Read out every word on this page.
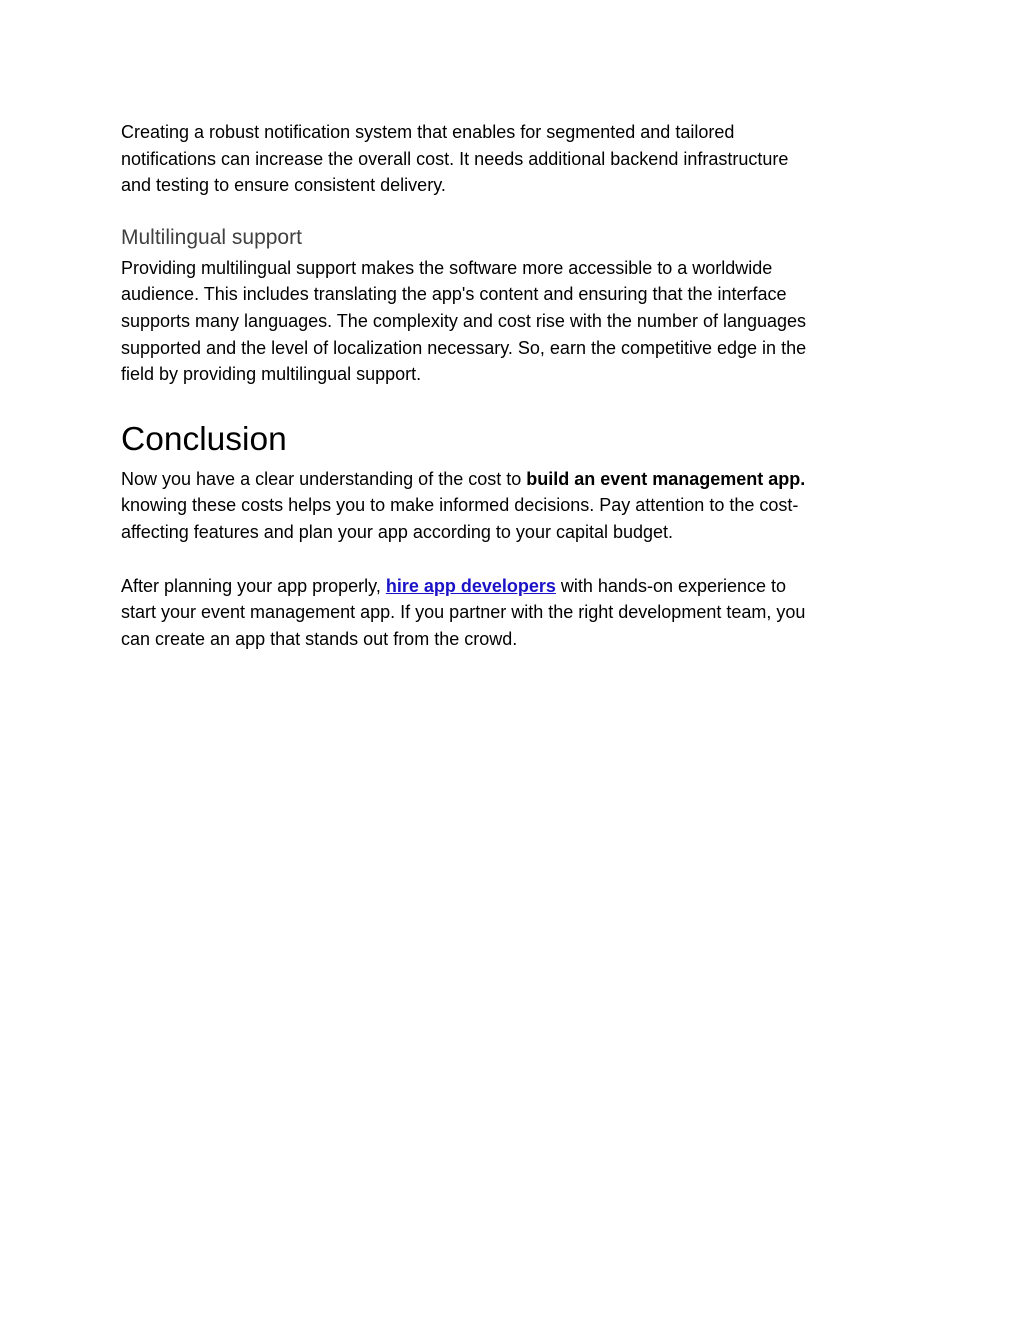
Creating a robust notification system that enables for segmented and tailored
notifications can increase the overall cost. It needs additional backend infrastructure
and testing to ensure consistent delivery.

Multilingual support

Providing multilingual support makes the software more accessible to a worldwide
audience. This includes translating the app's content and ensuring that the interface
supports many languages. The complexity and cost rise with the number of languages
supported and the level of localization necessary. So, earn the competitive edge in the
field by providing multilingual support.

Conclusion

Now you have a clear understanding of the cost to build an event management app.
knowing these costs helps you to make informed decisions. Pay attention to the cost-
affecting features and plan your app according to your capital budget.

After planning your app properly, hire app developers with hands-on experience to
start your event management app. If you partner with the right development team, you
can create an app that stands out from the crowd.
